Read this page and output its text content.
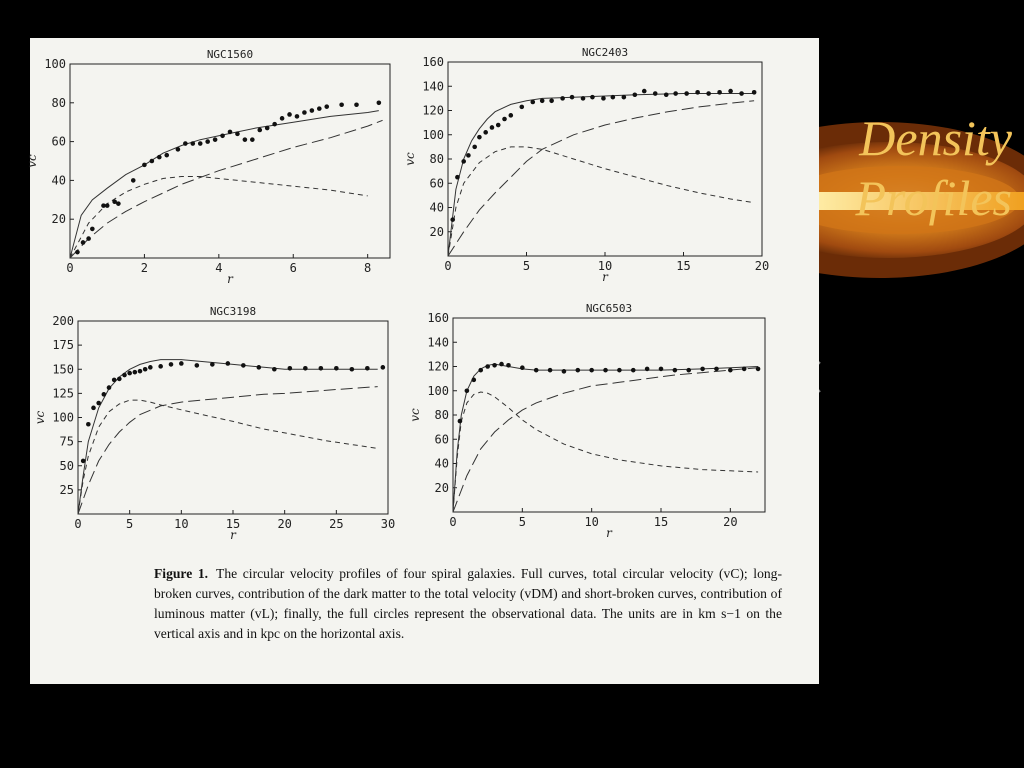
NGC1560
0	2	4	6	8
20
40
60
80
100
r
vc
NGC2403
0	5	10	15	20
20
40
60
80
100
120
140
160
r
vc
NGC3198
0	5	10	15	20	25	30
25
50
75
100
125
150
175
200
r
vc
NGC6503
0	5	10	15	20
20
40
60
80
100
120
140
160
r
vc
Figure 1. The circular velocity profiles of four spiral galaxies. Full curves, total circular velocity (vC); long-broken curves, contribution of the dark matter to the total velocity (vDM) and short-broken curves, contribution of luminous matter (vL); finally, the full circles represent the observational data. The units are in km s−1 on the vertical axis and in kpc on the horizontal axis.
Density
Profiles
